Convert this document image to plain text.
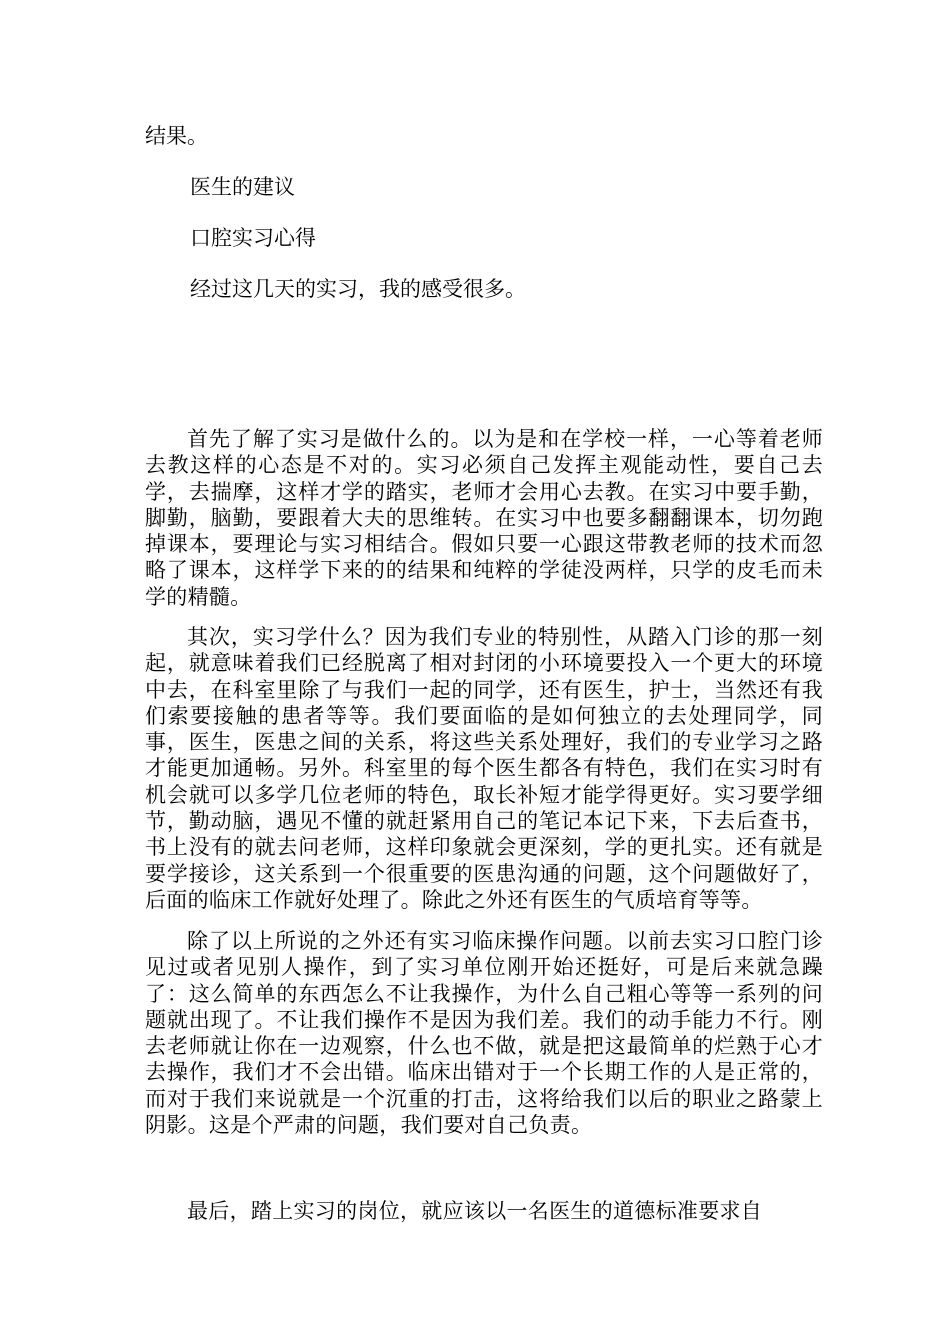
结果。

医生的建议

口腔实习心得

经过这几天的实习，我的感受很多。

首先了解了实习是做什么的。以为是和在学校一样，一心等着老师去教这样的心态是不对的。实习必须自己发挥主观能动性，要自己去学，去揣摩，这样才学的踏实，老师才会用心去教。在实习中要手勤，脚勤，脑勤，要跟着大夫的思维转。在实习中也要多翻翻课本，切勿跑掉课本，要理论与实习相结合。假如只要一心跟这带教老师的技术而忽略了课本，这样学下来的的结果和纯粹的学徒没两样，只学的皮毛而未学的精髓。

其次，实习学什么？因为我们专业的特别性，从踏入门诊的那一刻起，就意味着我们已经脱离了相对封闭的小环境要投入一个更大的环境中去，在科室里除了与我们一起的同学，还有医生，护士，当然还有我们索要接触的患者等等。我们要面临的是如何独立的去处理同学，同事，医生，医患之间的关系，将这些关系处理好，我们的专业学习之路才能更加通畅。另外。科室里的每个医生都各有特色，我们在实习时有机会就可以多学几位老师的特色，取长补短才能学得更好。实习要学细节，勤动脑，遇见不懂的就赶紧用自己的笔记本记下来，下去后查书，书上没有的就去问老师，这样印象就会更深刻，学的更扎实。还有就是要学接诊，这关系到一个很重要的医患沟通的问题，这个问题做好了，后面的临床工作就好处理了。除此之外还有医生的气质培育等等。

除了以上所说的之外还有实习临床操作问题。以前去实习口腔门诊见过或者见别人操作，到了实习单位刚开始还挺好，可是后来就急躁了：这么简单的东西怎么不让我操作，为什么自己粗心等等一系列的问题就出现了。不让我们操作不是因为我们差。我们的动手能力不行。刚去老师就让你在一边观察，什么也不做，就是把这最简单的烂熟于心才去操作，我们才不会出错。临床出错对于一个长期工作的人是正常的，而对于我们来说就是一个沉重的打击，这将给我们以后的职业之路蒙上阴影。这是个严肃的问题，我们要对自己负责。

最后，踏上实习的岗位，就应该以一名医生的道德标准要求自
